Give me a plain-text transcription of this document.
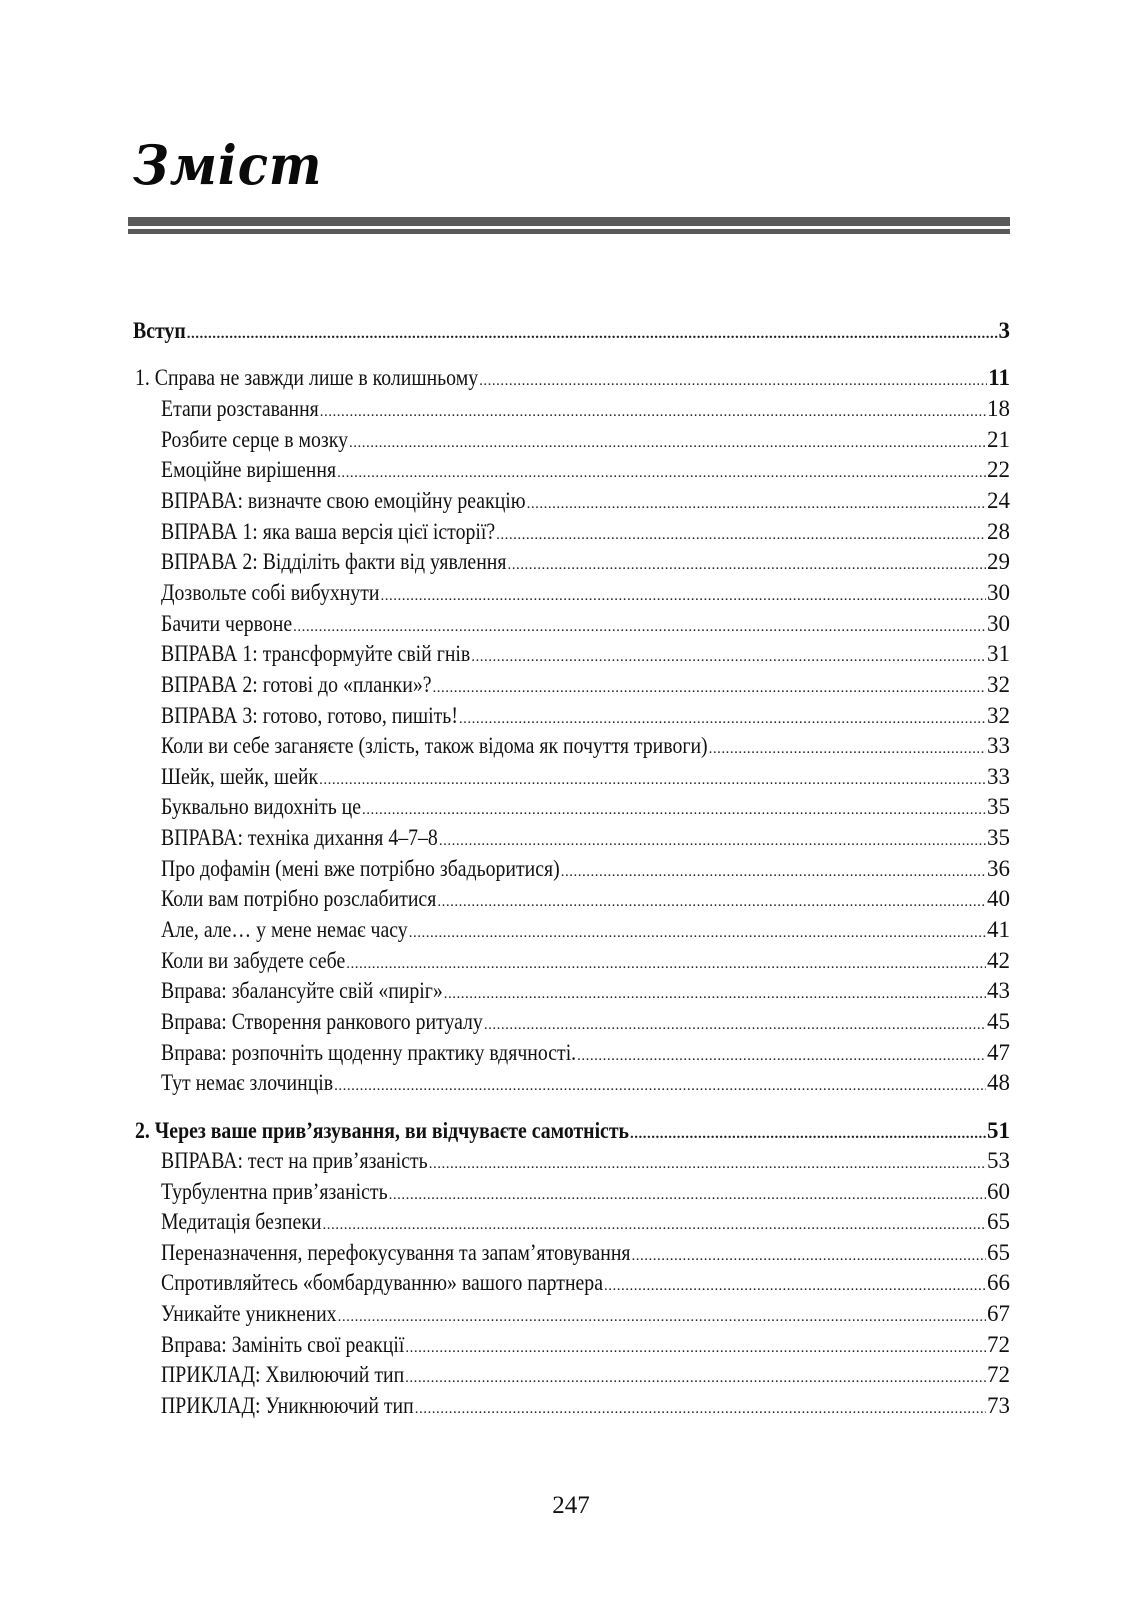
Зміст
Вступ .....	3
1. Справа не завжди лише в колишньому .....	11
Етапи розставання .....	18
Розбите серце в мозку .....	21
Емоційне вирішення .....	22
ВПРАВА: визначте свою емоційну реакцію .....	24
ВПРАВА 1: яка ваша версія цієї історії? .....	28
ВПРАВА 2: Відділіть факти від уявлення .....	29
Дозвольте собі вибухнути .....	30
Бачити червоне .....	30
ВПРАВА 1: трансформуйте свій гнів .....	31
ВПРАВА 2: готові до «планки»? .....	32
ВПРАВА 3: готово, готово, пишіть! .....	32
Коли ви себе заганяєте (злість, також відома як почуття тривоги) .....	33
Шейк, шейк, шейк .....	33
Буквально видохніть це .....	35
ВПРАВА: техніка дихання 4–7–8 .....	35
Про дофамін (мені вже потрібно збадьоритися) .....	36
Коли вам потрібно розслабитися .....	40
Але, але… у мене немає часу .....	41
Коли ви забудете себе .....	42
Вправа: збалансуйте свій «пиріг» .....	43
Вправа: Створення ранкового ритуалу .....	45
Вправа: розпочніть щоденну практику вдячності. .....	47
Тут немає злочинців .....	48
2. Через ваше прив’язування, ви відчуваєте самотність .....	51
ВПРАВА: тест на прив’язаність .....	53
Турбулентна прив’язаність .....	60
Медитація безпеки .....	65
Переназначення, перефокусування та запам’ятовування .....	65
Спротивляйтесь «бомбардуванню» вашого партнера .....	66
Уникайте уникнених .....	67
Вправа: Замініть свої реакції .....	72
ПРИКЛАД: Хвилюючий тип .....	72
ПРИКЛАД: Уникнюючий тип .....	73
247
